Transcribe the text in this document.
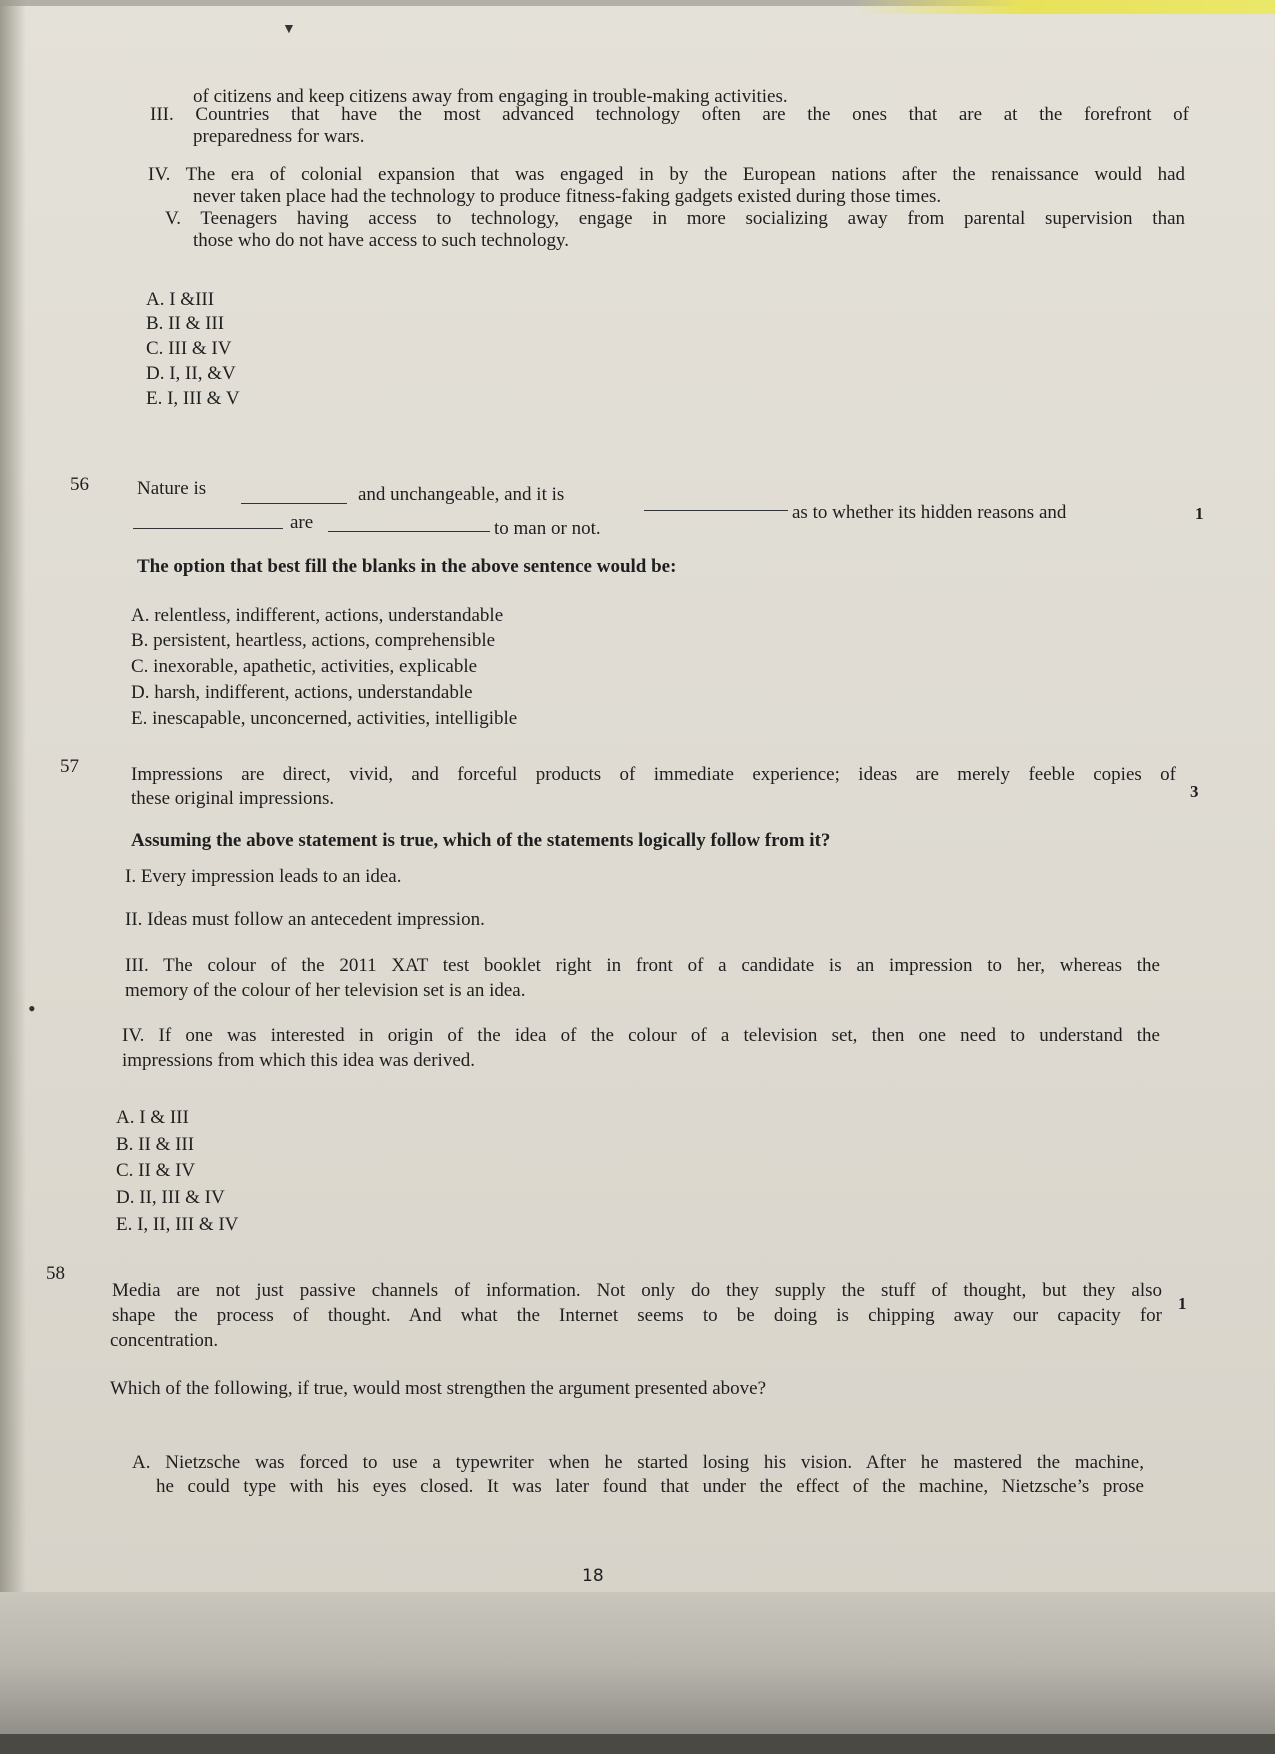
▼
•
of citizens and keep citizens away from engaging in trouble-making activities.
III. Countries that have the most advanced technology often are the ones that are at the forefront of
preparedness for wars.
IV. The era of colonial expansion that was engaged in by the European nations after the renaissance would had
never taken place had the technology to produce fitness-faking gadgets existed during those times.
V. Teenagers having access to technology, engage in more socializing away from parental supervision than
those who do not have access to such technology.
A. I &III
B. II & III
C. III & IV
D. I, II, &V
E. I, III & V
56
1
Nature is	and unchangeable, and it is
as to whether its hidden reasons and
are	to man or not.
The option that best fill the blanks in the above sentence would be:
A. relentless, indifferent, actions, understandable
B. persistent, heartless, actions, comprehensible
C. inexorable, apathetic, activities, explicable
D. harsh, indifferent, actions, understandable
E. inescapable, unconcerned, activities, intelligible
57
3
Impressions are direct, vivid, and forceful products of immediate experience; ideas are merely feeble copies of
these original impressions.
Assuming the above statement is true, which of the statements logically follow from it?
I. Every impression leads to an idea.
II. Ideas must follow an antecedent impression.
III. The colour of the 2011 XAT test booklet right in front of a candidate is an impression to her, whereas the
memory of the colour of her television set is an idea.
IV. If one was interested in origin of the idea of the colour of a television set, then one need to understand the
impressions from which this idea was derived.
A. I & III
B. II & III
C. II & IV
D. II, III & IV
E. I, II, III & IV
58
1
Media are not just passive channels of information. Not only do they supply the stuff of thought, but they also
shape the process of thought. And what the Internet seems to be doing is chipping away our capacity for
concentration.
Which of the following, if true, would most strengthen the argument presented above?
A. Nietzsche was forced to use a typewriter when he started losing his vision. After he mastered the machine,
he could type with his eyes closed. It was later found that under the effect of the machine, Nietzsche’s prose
18
